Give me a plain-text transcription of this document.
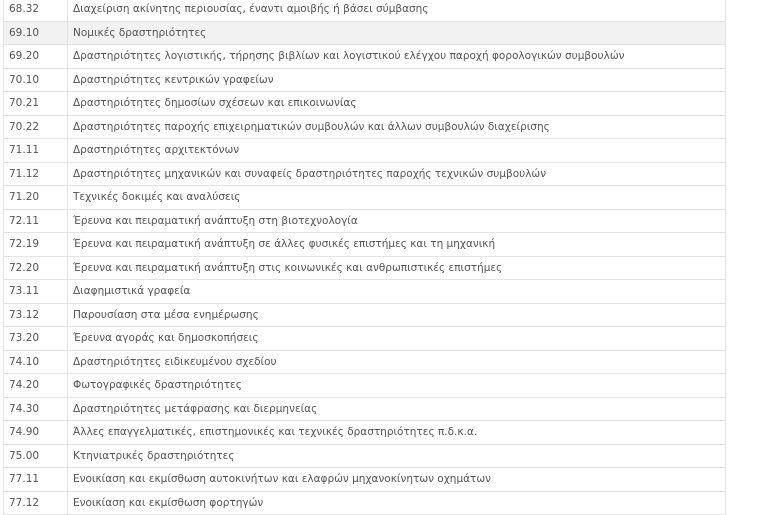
68.32	Διαχείριση ακίνητης περιουσίας, έναντι αμοιβής ή βάσει σύμβασης
69.10	Νομικές δραστηριότητες
69.20	Δραστηριότητες λογιστικής, τήρησης βιβλίων και λογιστικού ελέγχου παροχή φορολογικών συμβουλών
70.10	Δραστηριότητες κεντρικών γραφείων
70.21	Δραστηριότητες δημοσίων σχέσεων και επικοινωνίας
70.22	Δραστηριότητες παροχής επιχειρηματικών συμβουλών και άλλων συμβουλών διαχείρισης
71.11	Δραστηριότητες αρχιτεκτόνων
71.12	Δραστηριότητες μηχανικών και συναφείς δραστηριότητες παροχής τεχνικών συμβουλών
71.20	Τεχνικές δοκιμές και αναλύσεις
72.11	Έρευνα και πειραματική ανάπτυξη στη βιοτεχνολογία
72.19	Έρευνα και πειραματική ανάπτυξη σε άλλες φυσικές επιστήμες και τη μηχανική
72.20	Έρευνα και πειραματική ανάπτυξη στις κοινωνικές και ανθρωπιστικές επιστήμες
73.11	Διαφημιστικά γραφεία
73.12	Παρουσίαση στα μέσα ενημέρωσης
73.20	Έρευνα αγοράς και δημοσκοπήσεις
74.10	Δραστηριότητες ειδικευμένου σχεδίου
74.20	Φωτογραφικές δραστηριότητες
74.30	Δραστηριότητες μετάφρασης και διερμηνείας
74.90	Άλλες επαγγελματικές, επιστημονικές και τεχνικές δραστηριότητες π.δ.κ.α.
75.00	Κτηνιατρικές δραστηριότητες
77.11	Ενοικίαση και εκμίσθωση αυτοκινήτων και ελαφρών μηχανοκίνητων οχημάτων
77.12	Ενοικίαση και εκμίσθωση φορτηγών
